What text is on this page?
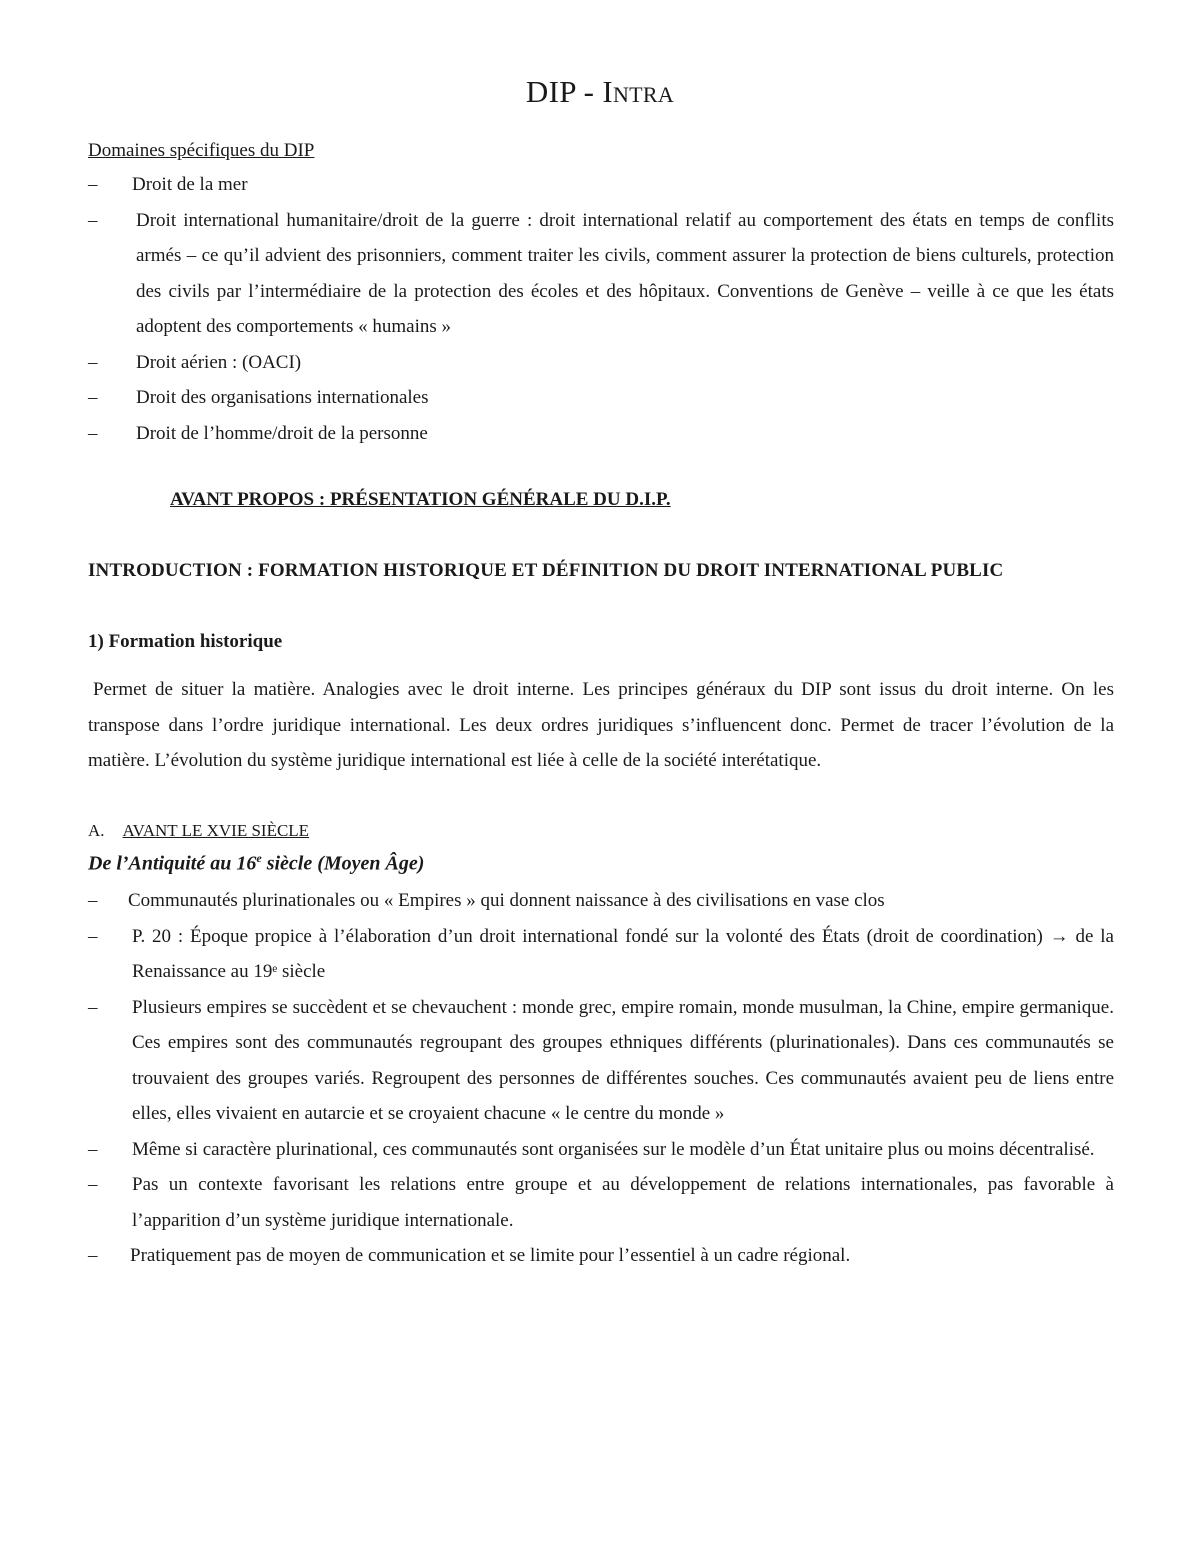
DIP - Intra
Domaines spécifiques du DIP
– Droit de la mer
– Droit international humanitaire/droit de la guerre : droit international relatif au comportement des états en temps de conflits armés – ce qu’il advient des prisonniers, comment traiter les civils, comment assurer la protection de biens culturels, protection des civils par l’intermédiaire de la protection des écoles et des hôpitaux. Conventions de Genève – veille à ce que les états adoptent des comportements « humains »
– Droit aérien : (OACI)
– Droit des organisations internationales
– Droit de l’homme/droit de la personne
AVANT PROPOS : PRÉSENTATION GÉNÉRALE DU D.I.P.
INTRODUCTION : FORMATION HISTORIQUE ET DÉFINITION DU DROIT INTERNATIONAL PUBLIC
1) Formation historique
Permet de situer la matière. Analogies avec le droit interne. Les principes généraux du DIP sont issus du droit interne. On les transpose dans l’ordre juridique international. Les deux ordres juridiques s’influencent donc. Permet de tracer l’évolution de la matière. L’évolution du système juridique international est liée à celle de la société interétatique.
A. AVANT LE XVIE SIÈCLE
De l’Antiquité au 16e siècle (Moyen Âge)
– Communautés plurinationales ou « Empires » qui donnent naissance à des civilisations en vase clos
– P. 20 : Époque propice à l’élaboration d’un droit international fondé sur la volonté des États (droit de coordination) → de la Renaissance au 19ᵉ siècle
– Plusieurs empires se succèdent et se chevauchent : monde grec, empire romain, monde musulman, la Chine, empire germanique. Ces empires sont des communautés regroupant des groupes ethniques différents (plurinationales). Dans ces communautés se trouvaient des groupes variés. Regroupent des personnes de différentes souches. Ces communautés avaient peu de liens entre elles, elles vivaient en autarcie et se croyaient chacune « le centre du monde »
– Même si caractère plurinational, ces communautés sont organisées sur le modèle d’un État unitaire plus ou moins décentralisé.
– Pas un contexte favorisant les relations entre groupe et au développement de relations internationales, pas favorable à l’apparition d’un système juridique internationale.
– Pratiquement pas de moyen de communication et se limite pour l’essentiel à un cadre régional.
